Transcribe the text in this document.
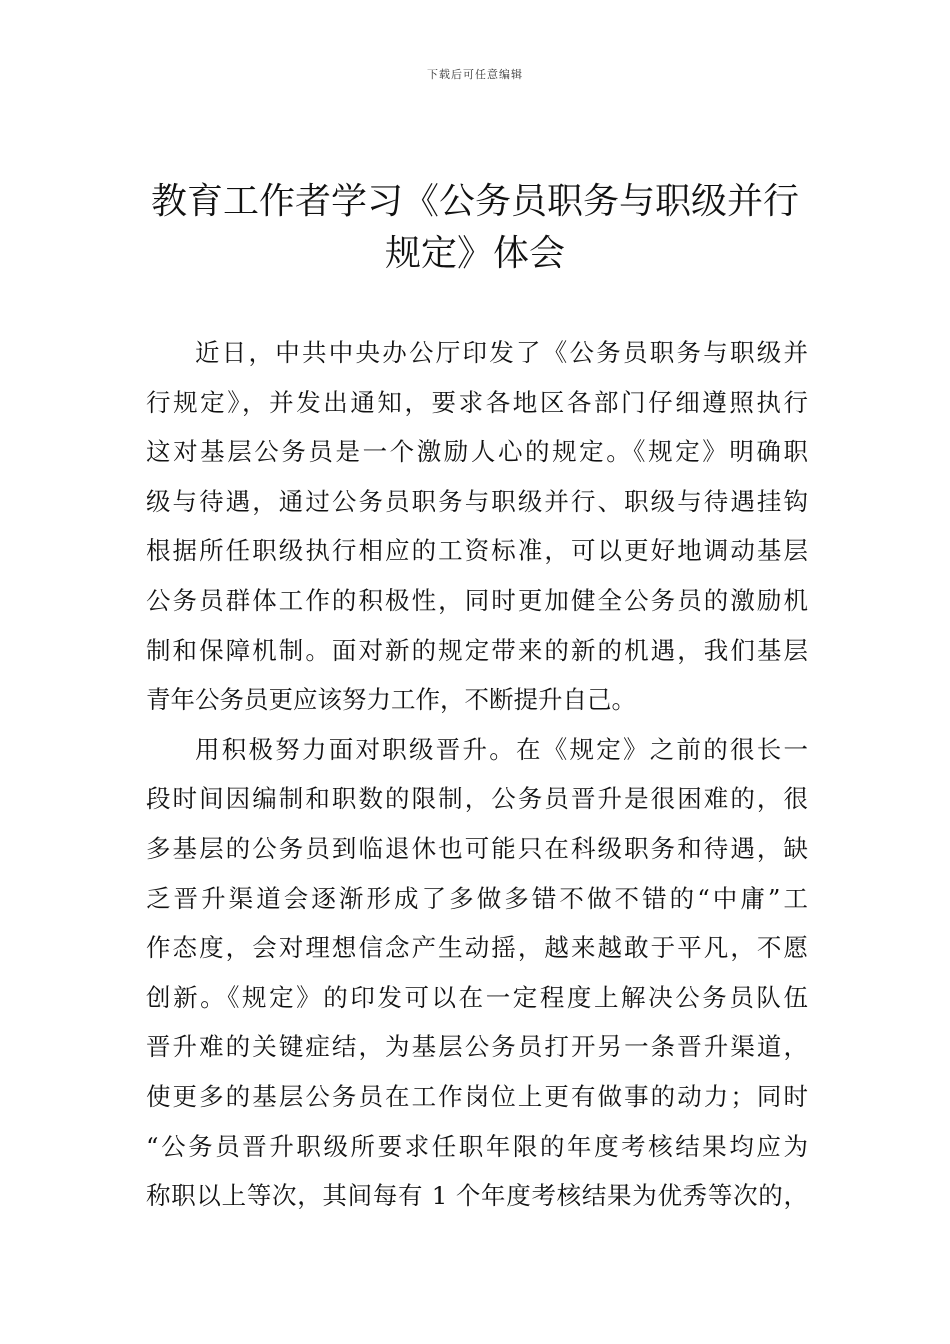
下载后可任意编辑
教育工作者学习《公务员职务与职级并行
规定》体会
近日，中共中央办公厅印发了《公务员职务与职级并
行规定》，并发出通知，要求各地区各部门仔细遵照执行
这对基层公务员是一个激励人心的规定。《规定》明确职
级与待遇，通过公务员职务与职级并行、职级与待遇挂钩
根据所任职级执行相应的工资标准，可以更好地调动基层
公务员群体工作的积极性，同时更加健全公务员的激励机
制和保障机制。面对新的规定带来的新的机遇，我们基层
青年公务员更应该努力工作，不断提升自己。
用积极努力面对职级晋升。在《规定》之前的很长一
段时间因编制和职数的限制，公务员晋升是很困难的，很
多基层的公务员到临退休也可能只在科级职务和待遇，缺
乏晋升渠道会逐渐形成了多做多错不做不错的“中庸”工
作态度，会对理想信念产生动摇，越来越敢于平凡，不愿
创新。《规定》的印发可以在一定程度上解决公务员队伍
晋升难的关键症结，为基层公务员打开另一条晋升渠道，
使更多的基层公务员在工作岗位上更有做事的动力；同时
“公务员晋升职级所要求任职年限的年度考核结果均应为
称职以上等次，其间每有 1 个年度考核结果为优秀等次的，
